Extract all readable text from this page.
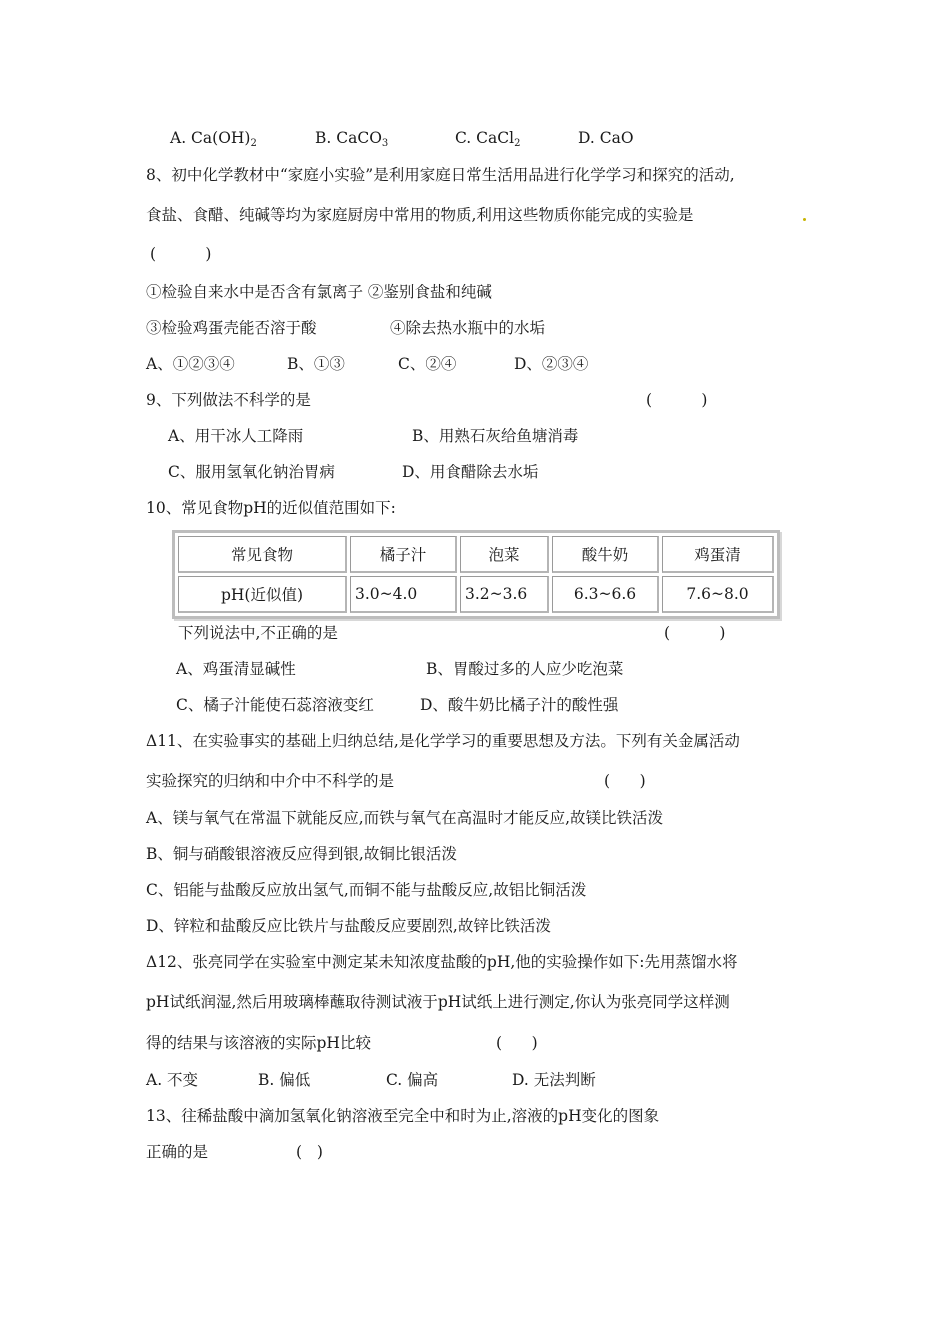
A. $Ca(OH)_2$	B. CaCO$_3$	C. CaCl$_2$	D. CaO
8、初中化学教材中“家庭小实验”是利用家庭日常生活用品进行化学学习和探究的活动,
食盐、食醋、纯碱等均为家庭厨房中常用的物质,利用这些物质你能完成的实验是
(          )
①检验自来水中是否含有氯离子 ②鉴别食盐和纯碱
③检验鸡蛋壳能否溶于酸	④除去热水瓶中的水垢
A、①②③④	B、①③	C、②④	D、②③④
9、下列做法不科学的是	(          )
A、用干冰人工降雨	B、用熟石灰给鱼塘消毒
C、服用氢氧化钠治胃病	D、用食醋除去水垢
10、常见食物pH的近似值范围如下:
常见食物	橘子汁	泡菜	酸牛奶	鸡蛋清
pH(近似值)	3.0~4.0	3.2~3.6	6.3~6.6	7.6~8.0
下列说法中,不正确的是	(          )
A、鸡蛋清显碱性	B、胃酸过多的人应少吃泡菜
C、橘子汁能使石蕊溶液变红	D、酸牛奶比橘子汁的酸性强
Δ11、在实验事实的基础上归纳总结,是化学学习的重要思想及方法。下列有关金属活动
实验探究的归纳和中介中不科学的是	(      )
A、镁与氧气在常温下就能反应,而铁与氧气在高温时才能反应,故镁比铁活泼
B、铜与硝酸银溶液反应得到银,故铜比银活泼
C、铝能与盐酸反应放出氢气,而铜不能与盐酸反应,故铝比铜活泼
D、锌粒和盐酸反应比铁片与盐酸反应要剧烈,故锌比铁活泼
Δ12、张亮同学在实验室中测定某未知浓度盐酸的pH,他的实验操作如下:先用蒸馏水将
pH试纸润湿,然后用玻璃棒蘸取待测试液于pH试纸上进行测定,你认为张亮同学这样测
得的结果与该溶液的实际pH比较	(      )
A. 不变	B. 偏低	C. 偏高	D. 无法判断
13、往稀盐酸中滴加氢氧化钠溶液至完全中和时为止,溶液的pH变化的图象
正确的是	(   )
